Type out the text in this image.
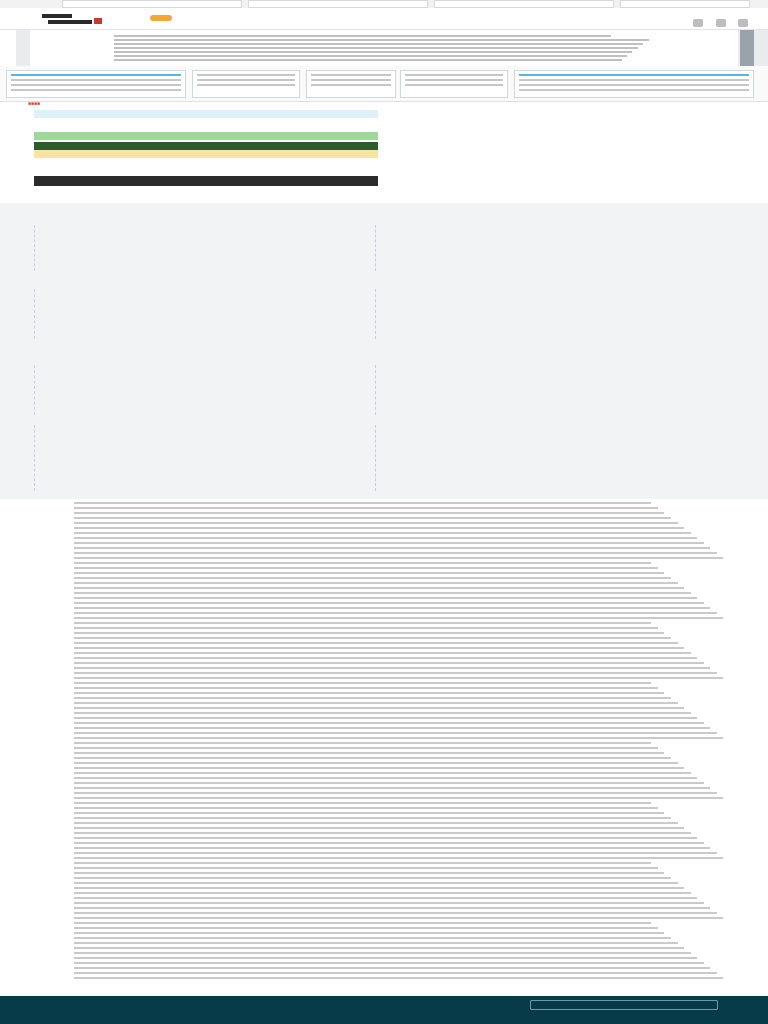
■■■■
